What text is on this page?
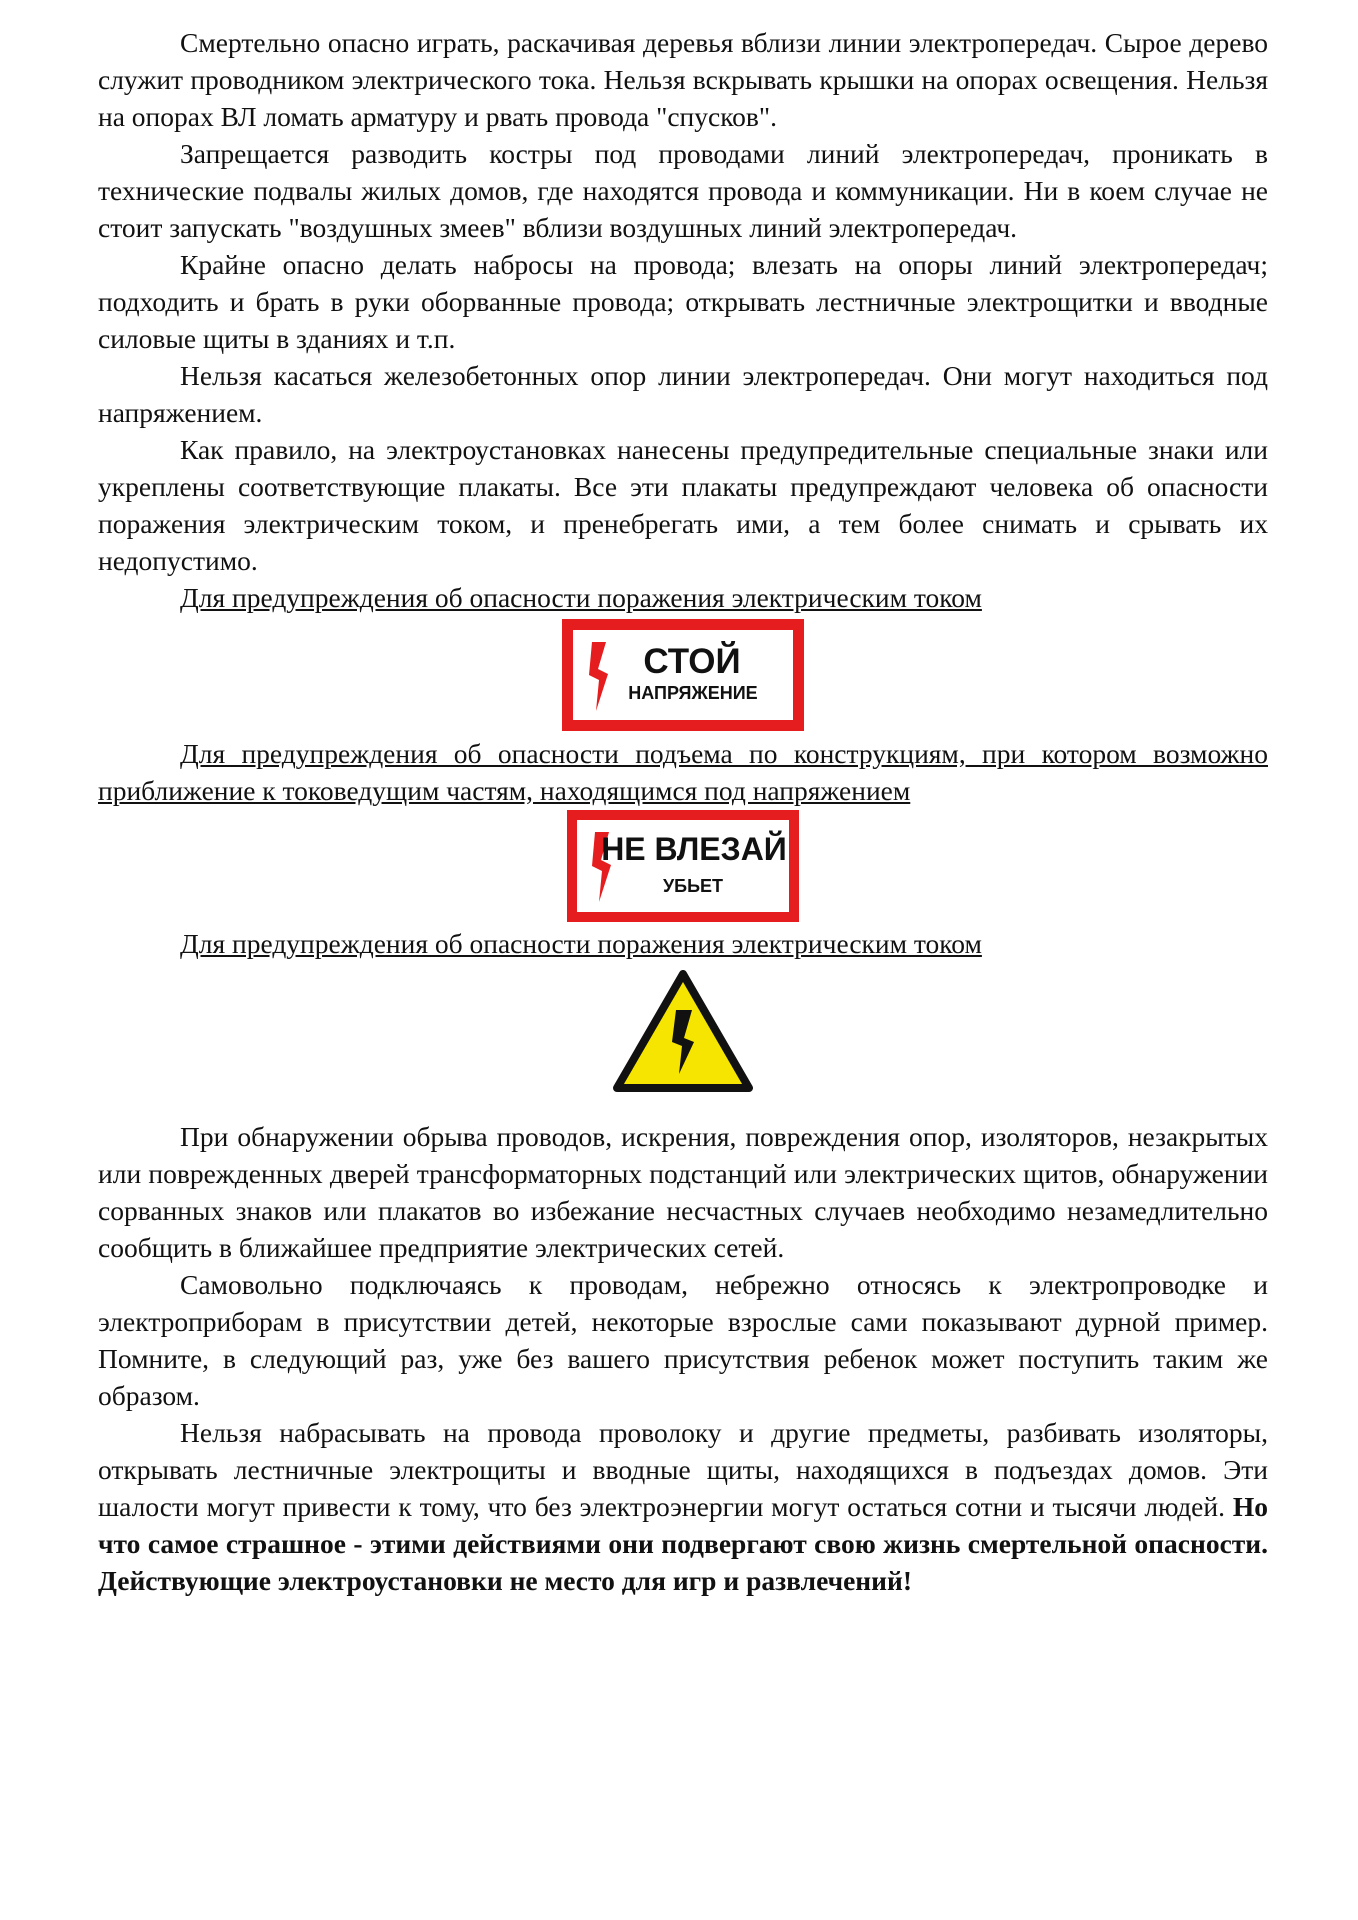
Смертельно опасно играть, раскачивая деревья вблизи линии электропередач. Сырое дерево служит проводником электрического тока. Нельзя вскрывать крышки на опорах освещения. Нельзя на опорах ВЛ ломать арматуру и рвать провода "спусков".

Запрещается разводить костры под проводами линий электропередач, проникать в технические подвалы жилых домов, где находятся провода и коммуникации. Ни в коем случае не стоит запускать "воздушных змеев" вблизи воздушных линий электропередач.

Крайне опасно делать набросы на провода; влезать на опоры линий электропередач; подходить и брать в руки оборванные провода; открывать лестничные электрощитки и вводные силовые щиты в зданиях и т.п.

Нельзя касаться железобетонных опор линии электропередач. Они могут находиться под напряжением.

Как правило, на электроустановках нанесены предупредительные специальные знаки или укреплены соответствующие плакаты. Все эти плакаты предупреждают человека об опасности поражения электрическим током, и пренебрегать ими, а тем более снимать и срывать их недопустимо.

Для предупреждения об опасности поражения электрическим током

СТОЙ
НАПРЯЖЕНИЕ

Для предупреждения об опасности подъема по конструкциям, при котором возможно приближение к токоведущим частям, находящимся под напряжением

НЕ ВЛЕЗАЙ
УБЬЕТ

Для предупреждения об опасности поражения электрическим током

При обнаружении обрыва проводов, искрения, повреждения опор, изоляторов, незакрытых или поврежденных дверей трансформаторных подстанций или электрических щитов, обнаружении сорванных знаков или плакатов во избежание несчастных случаев необходимо незамедлительно сообщить в ближайшее предприятие электрических сетей.

Самовольно подключаясь к проводам, небрежно относясь к электропроводке и электроприборам в присутствии детей, некоторые взрослые сами показывают дурной пример. Помните, в следующий раз, уже без вашего присутствия ребенок может поступить таким же образом.

Нельзя набрасывать на провода проволоку и другие предметы, разбивать изоляторы, открывать лестничные электрощиты и вводные щиты, находящихся в подъездах домов. Эти шалости могут привести к тому, что без электроэнергии могут остаться сотни и тысячи людей. Но что самое страшное - этими действиями они подвергают свою жизнь смертельной опасности. Действующие электроустановки не место для игр и развлечений!
